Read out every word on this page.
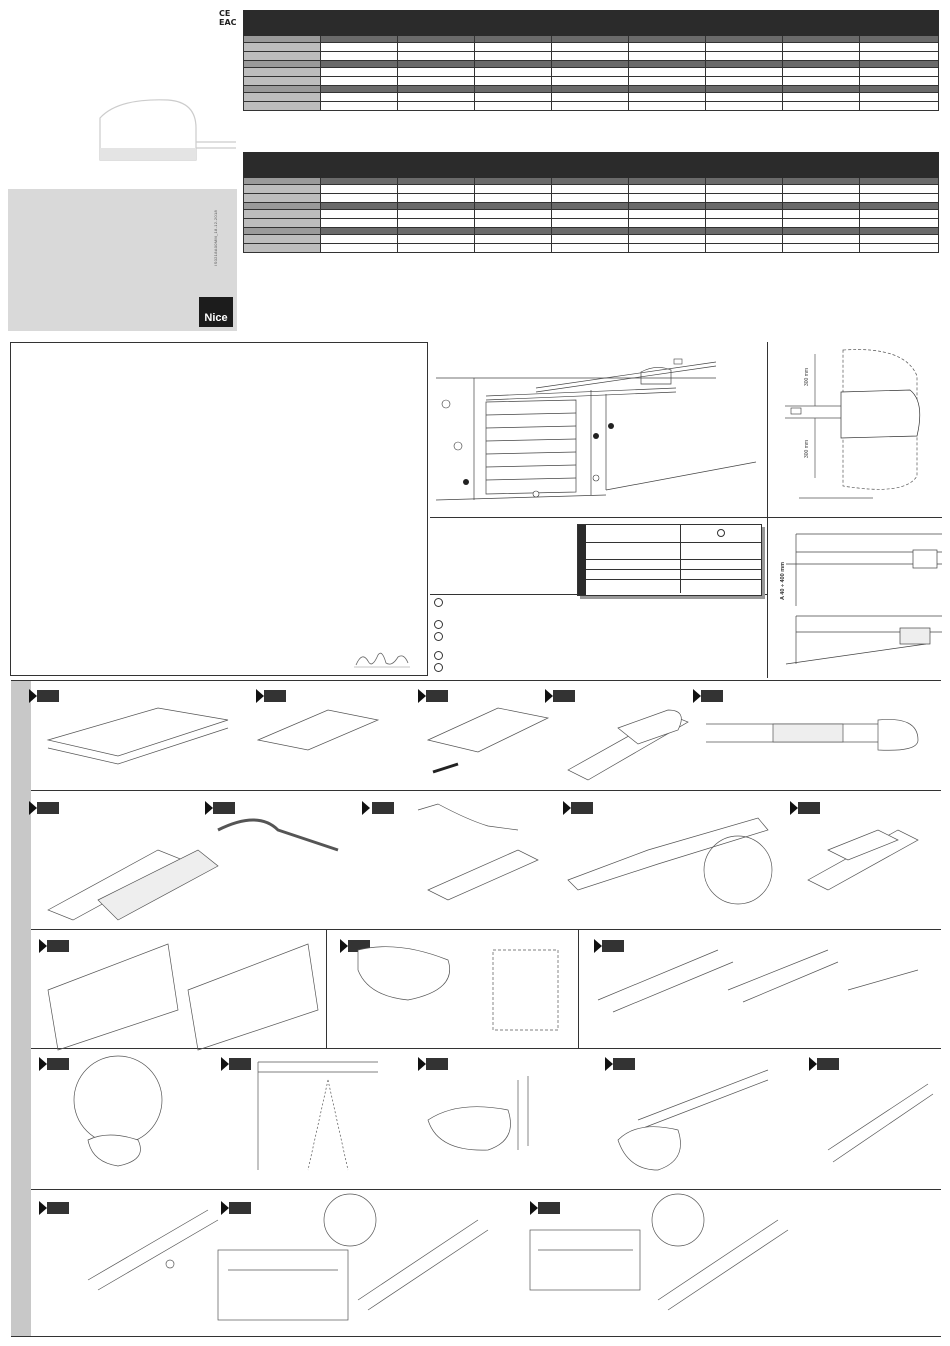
CE
EAC
IS0218A00MM_18-12-2018
Nice

300 mm
300 mm
A 40 ÷ 400 mm
